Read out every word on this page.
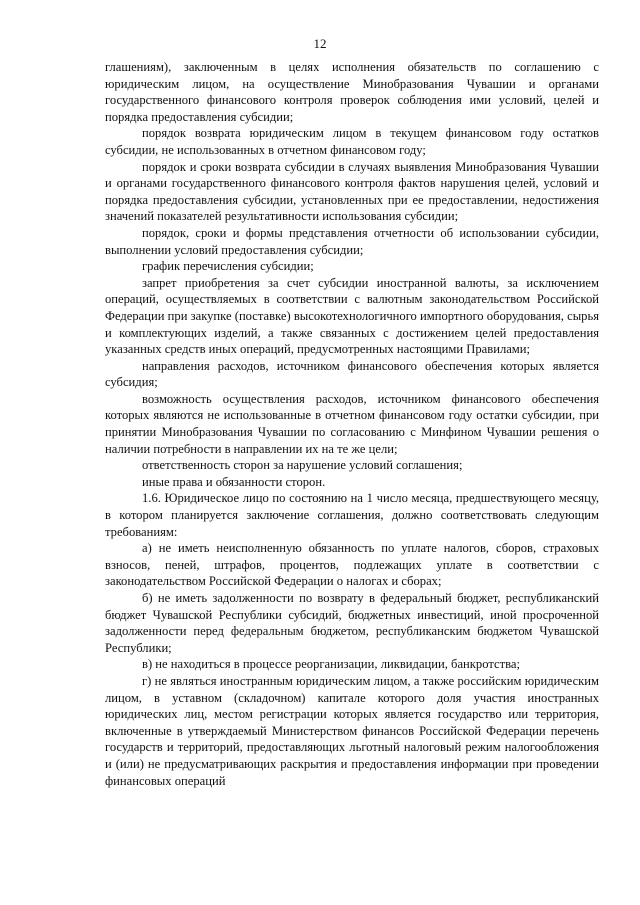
12

глашениям), заключенным в целях исполнения обязательств по соглашению с юридическим лицом, на осуществление Минобразования Чувашии и органами государственного финансового контроля проверок соблюдения ими условий, целей и порядка предоставления субсидии;

порядок возврата юридическим лицом в текущем финансовом году остатков субсидии, не использованных в отчетном финансовом году;

порядок и сроки возврата субсидии в случаях выявления Минобразования Чувашии и органами государственного финансового контроля фактов нарушения целей, условий и порядка предоставления субсидии, установленных при ее предоставлении, недостижения значений показателей результативности использования субсидии;

порядок, сроки и формы представления отчетности об использовании субсидии, выполнении условий предоставления субсидии;

график перечисления субсидии;

запрет приобретения за счет субсидии иностранной валюты, за исключением операций, осуществляемых в соответствии с валютным законодательством Российской Федерации при закупке (поставке) высокотехнологичного импортного оборудования, сырья и комплектующих изделий, а также связанных с достижением целей предоставления указанных средств иных операций, предусмотренных настоящими Правилами;

направления расходов, источником финансового обеспечения которых является субсидия;

возможность осуществления расходов, источником финансового обеспечения которых являются не использованные в отчетном финансовом году остатки субсидии, при принятии Минобразования Чувашии по согласованию с Минфином Чувашии решения о наличии потребности в направлении их на те же цели;

ответственность сторон за нарушение условий соглашения;

иные права и обязанности сторон.

1.6. Юридическое лицо по состоянию на 1 число месяца, предшествующего месяцу, в котором планируется заключение соглашения, должно соответствовать следующим требованиям:

а) не иметь неисполненную обязанность по уплате налогов, сборов, страховых взносов, пеней, штрафов, процентов, подлежащих уплате в соответствии с законодательством Российской Федерации о налогах и сборах;

б) не иметь задолженности по возврату в федеральный бюджет, республиканский бюджет Чувашской Республики субсидий, бюджетных инвестиций, иной просроченной задолженности перед федеральным бюджетом, республиканским бюджетом Чувашской Республики;

в) не находиться в процессе реорганизации, ликвидации, банкротства;

г) не являться иностранным юридическим лицом, а также российским юридическим лицом, в уставном (складочном) капитале которого доля участия иностранных юридических лиц, местом регистрации которых является государство или территория, включенные в утверждаемый Министерством финансов Российской Федерации перечень государств и территорий, предоставляющих льготный налоговый режим налогообложения и (или) не предусматривающих раскрытия и предоставления информации при проведении финансовых операций
